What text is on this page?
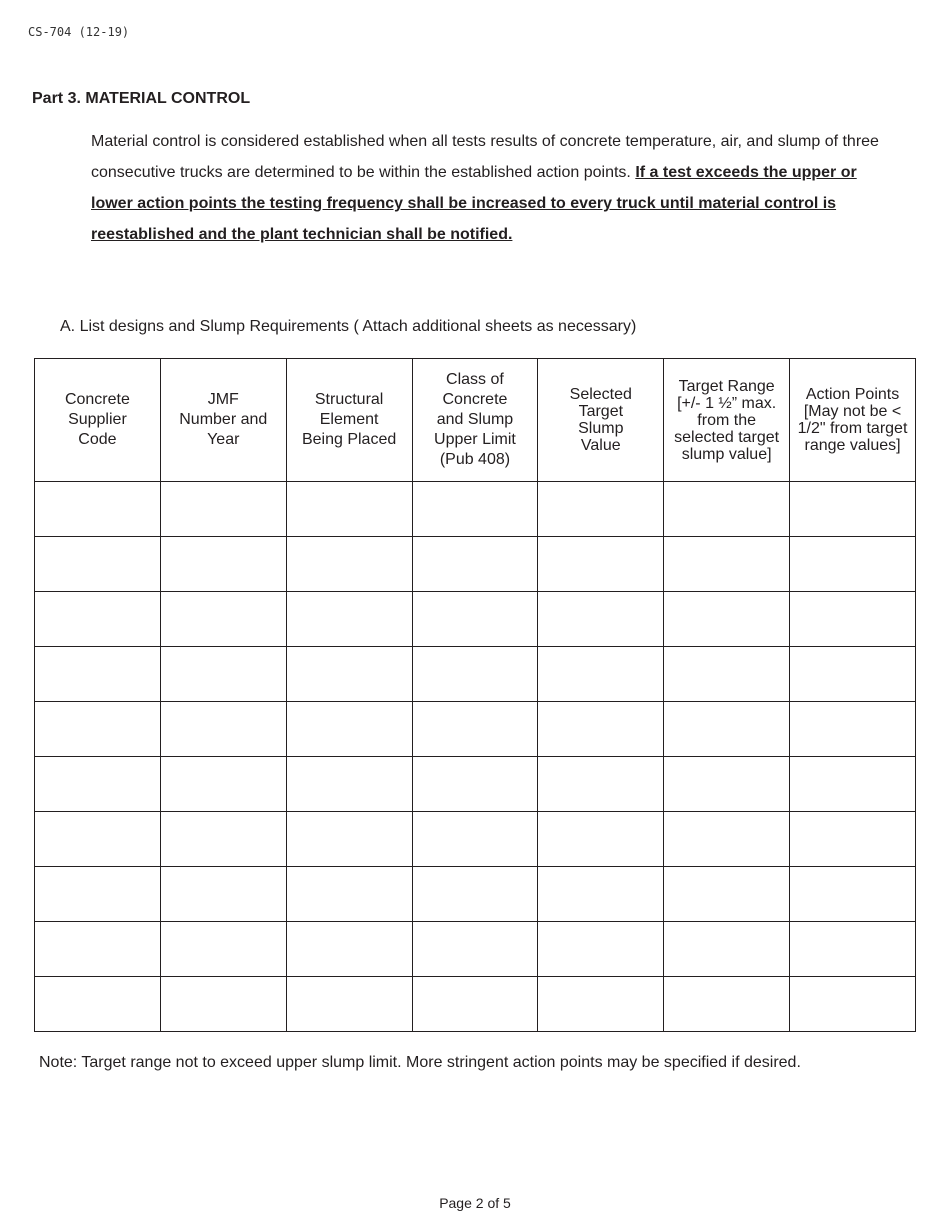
CS-704 (12-19)
Part 3. MATERIAL CONTROL
Material control is considered established when all tests results of concrete temperature, air, and slump of three consecutive trucks are determined to be within the established action points. If a test exceeds the upper or lower action points the testing frequency shall be increased to every truck until material control is reestablished and the plant technician shall be notified.
A. List designs and Slump Requirements ( Attach additional sheets as necessary)
Concrete
Supplier
Code	JMF
Number and
Year	Structural
Element
Being Placed	Class of
Concrete
and Slump
Upper Limit
(Pub 408)	Selected
Target
Slump
Value	Target Range
[+/- 1 ½” max.
from the
selected target
slump value]	Action Points
[May not be <
1/2" from target
range values]

Note: Target range not to exceed upper slump limit. More stringent action points may be specified if desired.
Page 2 of 5
